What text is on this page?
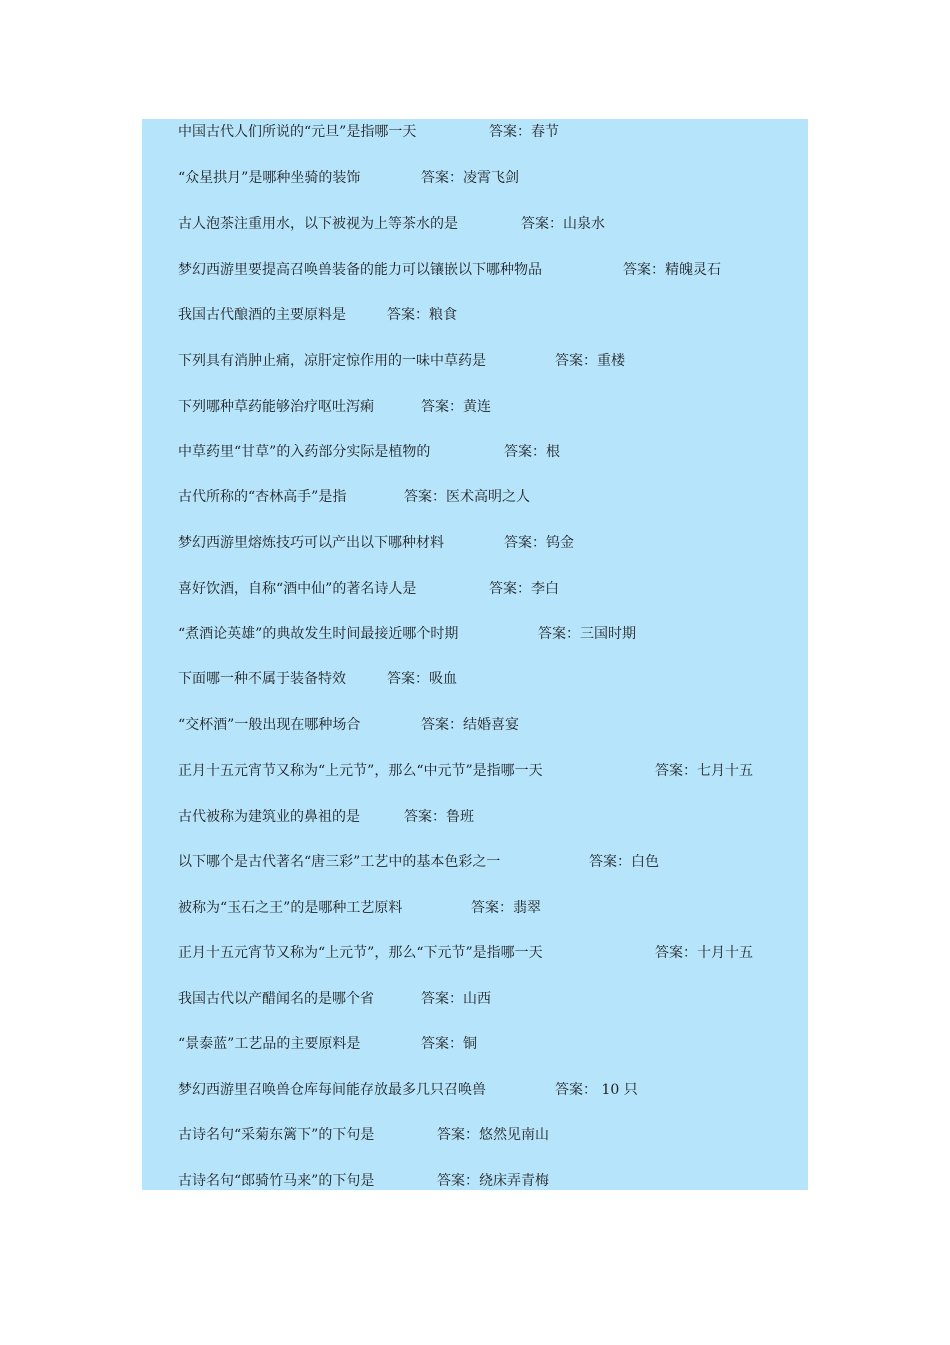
中国古代人们所说的“元旦”是指哪一天	答案：春节
“众星拱月”是哪种坐骑的装饰	答案：凌霄飞剑
古人泡茶注重用水，以下被视为上等茶水的是	答案：山泉水
梦幻西游里要提高召唤兽装备的能力可以镶嵌以下哪种物品	答案：精魄灵石
我国古代酿酒的主要原料是	答案：粮食
下列具有消肿止痛，凉肝定惊作用的一味中草药是	答案：重楼
下列哪种草药能够治疗呕吐泻痢	答案：黄连
中草药里“甘草”的入药部分实际是植物的	答案：根
古代所称的“杏林高手”是指	答案：医术高明之人
梦幻西游里熔炼技巧可以产出以下哪种材料	答案：钨金
喜好饮酒，自称“酒中仙”的著名诗人是	答案：李白
“煮酒论英雄”的典故发生时间最接近哪个时期	答案：三国时期
下面哪一种不属于装备特效	答案：吸血
“交杯酒”一般出现在哪种场合	答案：结婚喜宴
正月十五元宵节又称为“上元节”，那么“中元节”是指哪一天	答案：七月十五
古代被称为建筑业的鼻祖的是	答案：鲁班
以下哪个是古代著名“唐三彩”工艺中的基本色彩之一	答案：白色
被称为“玉石之王”的是哪种工艺原料	答案：翡翠
正月十五元宵节又称为“上元节”，那么“下元节”是指哪一天	答案：十月十五
我国古代以产醋闻名的是哪个省	答案：山西
“景泰蓝”工艺品的主要原料是	答案：铜
梦幻西游里召唤兽仓库每间能存放最多几只召唤兽	答案： 10 只
古诗名句“采菊东篱下”的下句是	答案：悠然见南山
古诗名句“郎骑竹马来”的下句是	答案：绕床弄青梅
